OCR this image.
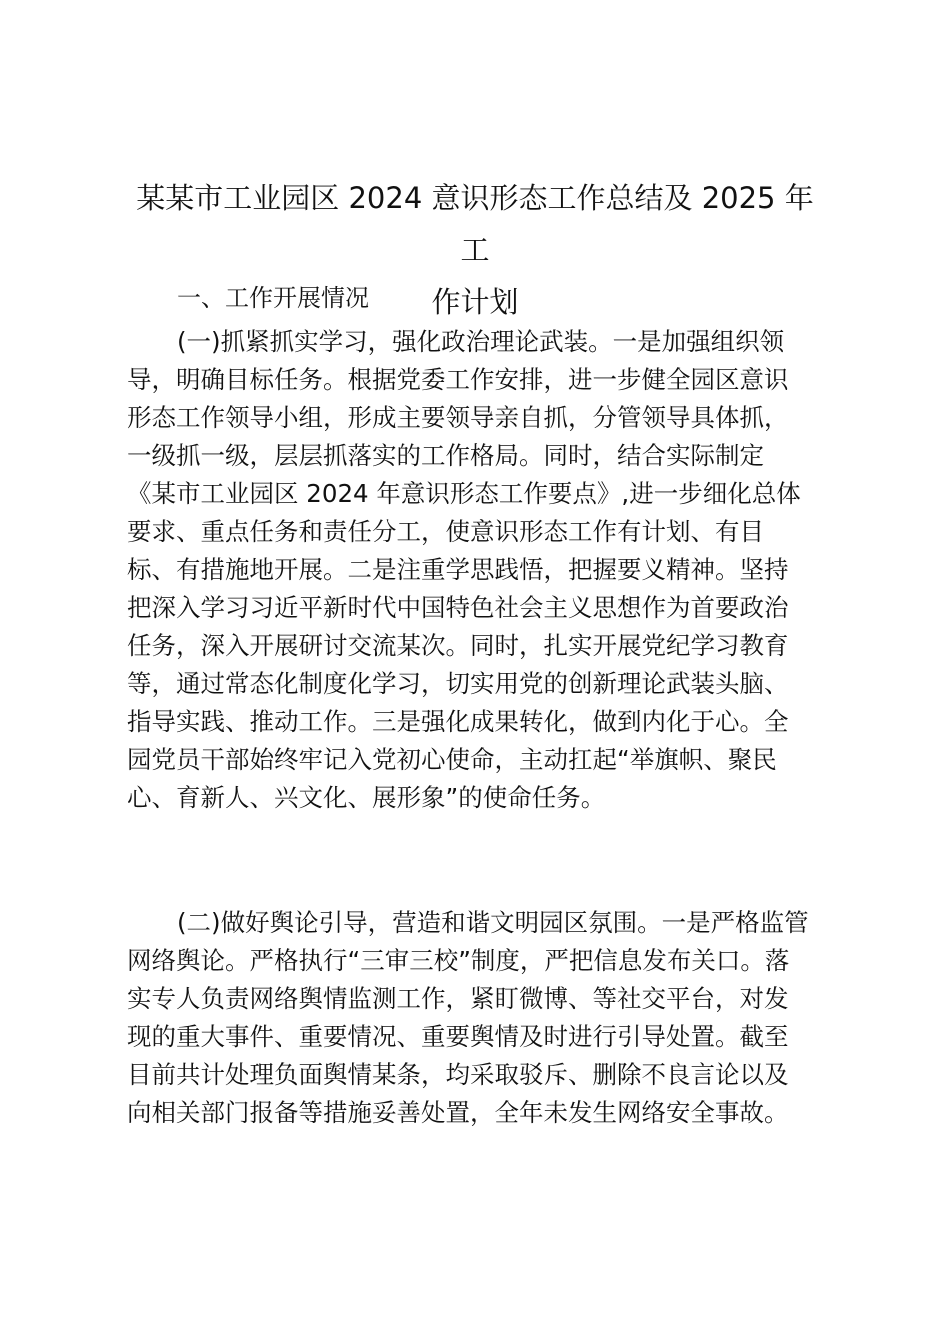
某某市工业园区 2024 意识形态工作总结及 2025 年工
作计划

一、工作开展情况

(一)抓紧抓实学习，强化政治理论武装。一是加强组织领

导，明确目标任务。根据党委工作安排，进一步健全园区意识

形态工作领导小组，形成主要领导亲自抓，分管领导具体抓，

一级抓一级，层层抓落实的工作格局。同时，结合实际制定

《某市工业园区 2024 年意识形态工作要点》,进一步细化总体

要求、重点任务和责任分工，使意识形态工作有计划、有目

标、有措施地开展。二是注重学思践悟，把握要义精神。坚持

把深入学习习近平新时代中国特色社会主义思想作为首要政治

任务，深入开展研讨交流某次。同时，扎实开展党纪学习教育

等，通过常态化制度化学习，切实用党的创新理论武装头脑、

指导实践、推动工作。三是强化成果转化，做到内化于心。全

园党员干部始终牢记入党初心使命，主动扛起“举旗帜、聚民

心、育新人、兴文化、展形象”的使命任务。

(二)做好舆论引导，营造和谐文明园区氛围。一是严格监管

网络舆论。严格执行“三审三校”制度，严把信息发布关口。落

实专人负责网络舆情监测工作，紧盯微博、等社交平台，对发

现的重大事件、重要情况、重要舆情及时进行引导处置。截至

目前共计处理负面舆情某条，均采取驳斥、删除不良言论以及

向相关部门报备等措施妥善处置，全年未发生网络安全事故。
